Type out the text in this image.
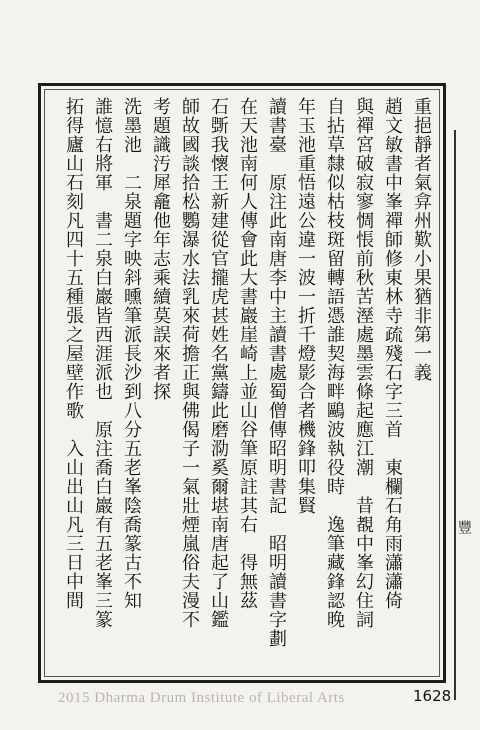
重挹靜者氣弇州歎小果猶非第一義
趙文敏書中峯禪師修東林寺疏殘石字三首　東欄石角雨瀟瀟倚
與禪宮破寂寥惆悵前秋苦溼處墨雲條起應江潮　昔覩中峯幻住詞
自拈草隸似枯枝斑留轉語憑誰契海畔鷗波執役時　逸筆藏鋒認晚
年玉池重悟遠公違一波一折千燈影合者機鋒叩集賢
讀書臺　原注此南唐李中主讀書處蜀僧傳昭明書記　昭明讀書字劃
在天池南何人傳會此大書巖崖崎上並山谷筆原註其右　得無茲
石斲我懷王新建從官攏虎甚姓名黨鑄此磨泐奚爾堪南唐起了山鑑
師故國談拾松鸚瀑水法乳來荷擔正與佛偈子一氣壯煙嵐俗夫漫不
考題識汚犀龕他年志乘續莫誤來者探
洗墨池　二泉題字映斜曛筆派長沙到八分五老峯陰喬篆古不知
誰憶右將軍　書二泉白巖皆西涯派也　原注喬白巖有五老峯三篆
拓得廬山石刻凡四十五種張之屋壁作歌　入山出山凡三日中間	豐
2015 Dharma Drum Institute of Liberal Arts	1628
